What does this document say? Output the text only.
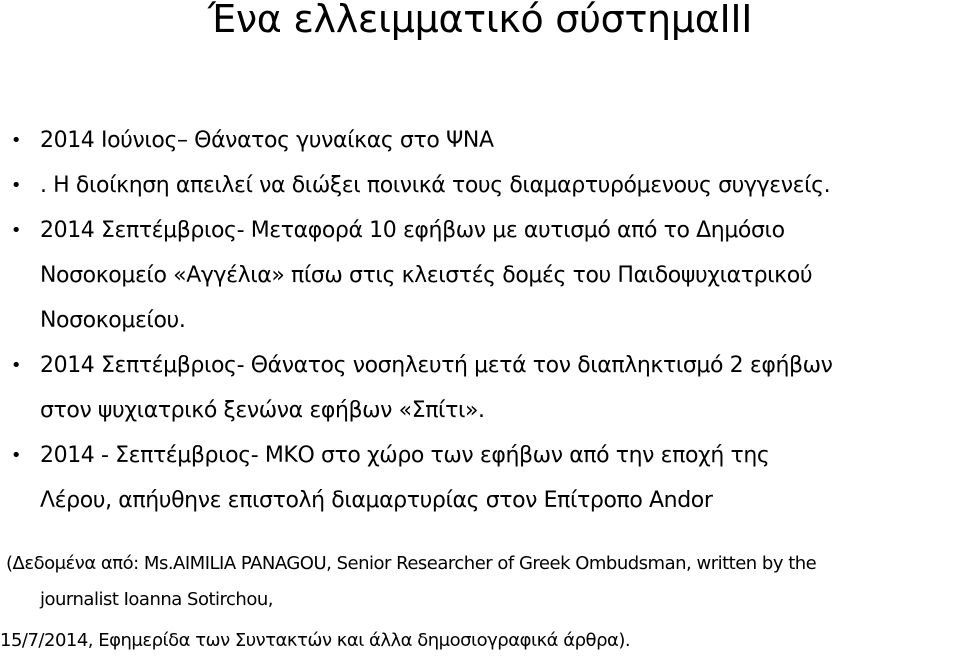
Ένα ελλειμματικό σύστημαIII
• 2014 Ιούνιος– Θάνατος γυναίκας στο ΨΝΑ
• . Η διοίκηση απειλεί να διώξει ποινικά τους διαμαρτυρόμενους συγγενείς.
• 2014 Σεπτέμβριος- Μεταφορά 10 εφήβων με αυτισμό από το Δημόσιο
Νοσοκομείο «Αγγέλια» πίσω στις κλειστές δομές του Παιδοψυχιατρικού
Νοσοκομείου.
• 2014 Σεπτέμβριος- Θάνατος νοσηλευτή μετά τον διαπληκτισμό 2 εφήβων
στον ψυχιατρικό ξενώνα εφήβων «Σπίτι».
• 2014 - Σεπτέμβριος- ΜΚΟ στο χώρο των εφήβων από την εποχή της
Λέρου, απήυθηνε επιστολή διαμαρτυρίας στον Επίτροπο Andor
(Δεδομένα από: Ms.AIMILIA PANAGOU, Senior Researcher of Greek Ombudsman, written by the
journalist Ioanna Sotirchou,
15/7/2014, Εφημερίδα των Συντακτών και άλλα δημοσιογραφικά άρθρα).
